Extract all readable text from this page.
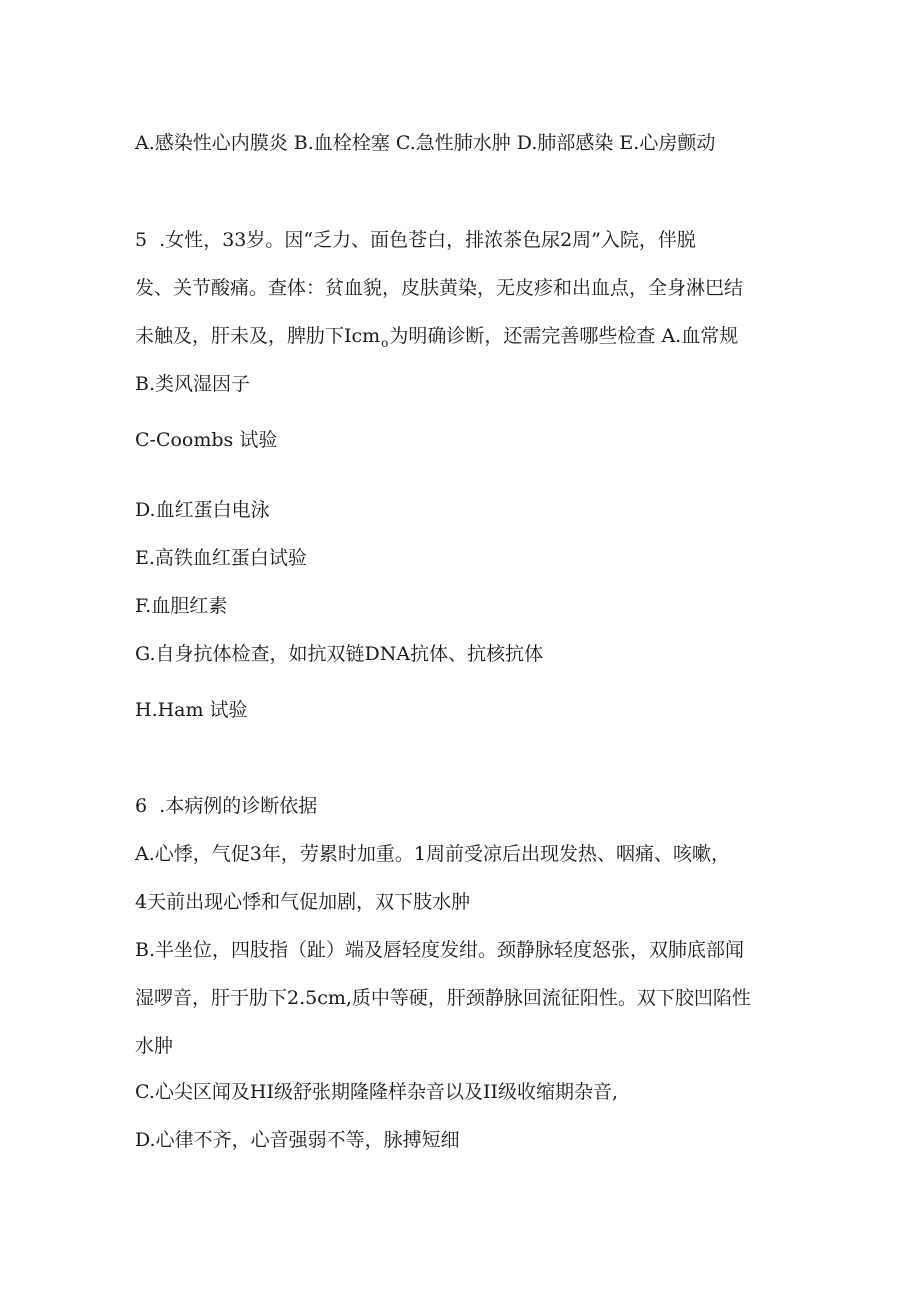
A.感染性心内膜炎 B.血栓栓塞 C.急性肺水肿 D.肺部感染 E.心房颤动
5  .女性，33岁。因“乏力、面色苍白，排浓茶色尿2周”入院，伴脱
发、关节酸痛。查体：贫血貌，皮肤黄染，无皮疹和出血点，全身淋巴结
未触及，肝未及，脾肋下Icm$_o$为明确诊断，还需完善哪些检查 A.血常规
B.类风湿因子
C-Coombs 试验
D.血红蛋白电泳
E.高铁血红蛋白试验
F.血胆红素
G.自身抗体检查，如抗双链DNA抗体、抗核抗体
H.Ham 试验
6  .本病例的诊断依据
A.心悸，气促3年，劳累时加重。1周前受凉后出现发热、咽痛、咳嗽，
4天前出现心悸和气促加剧，双下肢水肿
B.半坐位，四肢指（趾）端及唇轻度发绀。颈静脉轻度怒张，双肺底部闻
湿啰音，肝于肋下2.5cm,质中等硬，肝颈静脉回流征阳性。双下胶凹陷性
水肿
C.心尖区闻及HI级舒张期隆隆样杂音以及II级收缩期杂音,
D.心律不齐，心音强弱不等，脉搏短细
